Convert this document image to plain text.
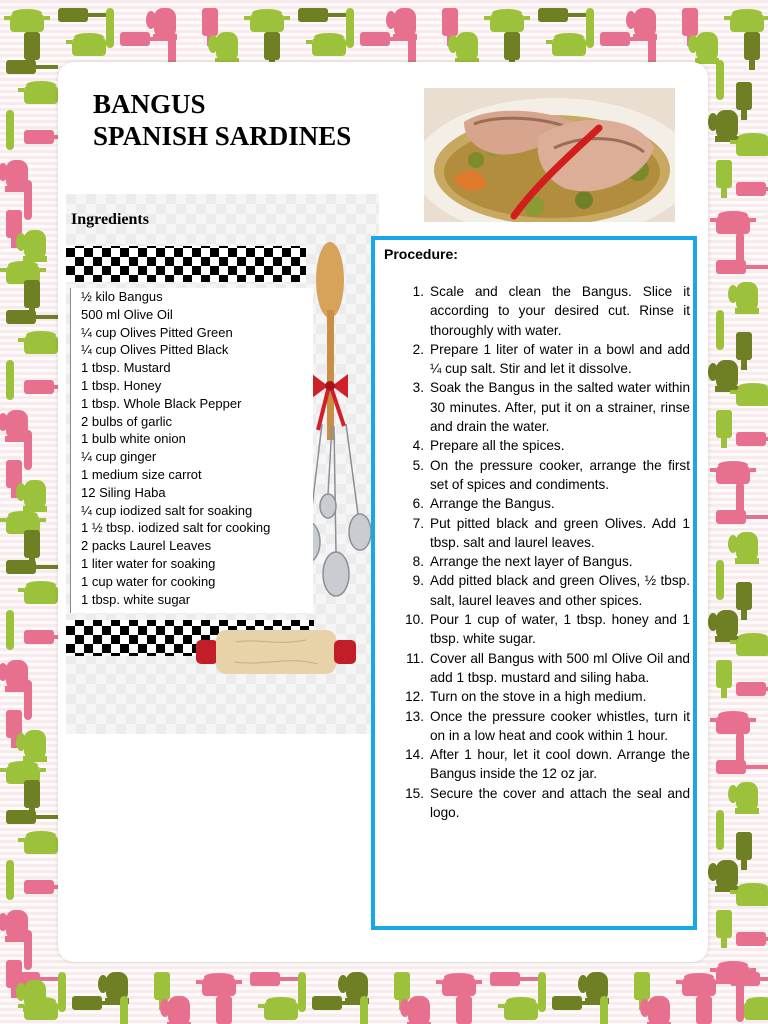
BANGUS
SPANISH SARDINES
Ingredients
½ kilo Bangus
500 ml Olive Oil
¼ cup Olives Pitted Green
¼ cup Olives Pitted Black
1 tbsp. Mustard
1 tbsp. Honey
1 tbsp. Whole Black Pepper
2 bulbs of garlic
1 bulb white onion
¼ cup ginger
1 medium size carrot
12 Siling Haba
¼ cup iodized salt for soaking
1 ½ tbsp. iodized salt for cooking
2 packs Laurel Leaves
1 liter water for soaking
1 cup water for cooking
1 tbsp. white sugar
Procedure:
1. Scale and clean the Bangus. Slice it according to your desired cut. Rinse it thoroughly with water.
2. Prepare 1 liter of water in a bowl and add ¼ cup salt. Stir and let it dissolve.
3. Soak the Bangus in the salted water within 30 minutes. After, put it on a strainer, rinse and drain the water.
4. Prepare all the spices.
5. On the pressure cooker, arrange the first set of spices and condiments.
6. Arrange the Bangus.
7. Put pitted black and green Olives. Add 1 tbsp. salt and laurel leaves.
8. Arrange the next layer of Bangus.
9. Add pitted black and green Olives, ½ tbsp. salt, laurel leaves and other spices.
10. Pour 1 cup of water, 1 tbsp. honey and 1 tbsp. white sugar.
11. Cover all Bangus with 500 ml Olive Oil and add 1 tbsp. mustard and siling haba.
12. Turn on the stove in a high medium.
13. Once the pressure cooker whistles, turn it on in a low heat and cook within 1 hour.
14. After 1 hour, let it cool down. Arrange the Bangus inside the 12 oz jar.
15. Secure the cover and attach the seal and logo.
